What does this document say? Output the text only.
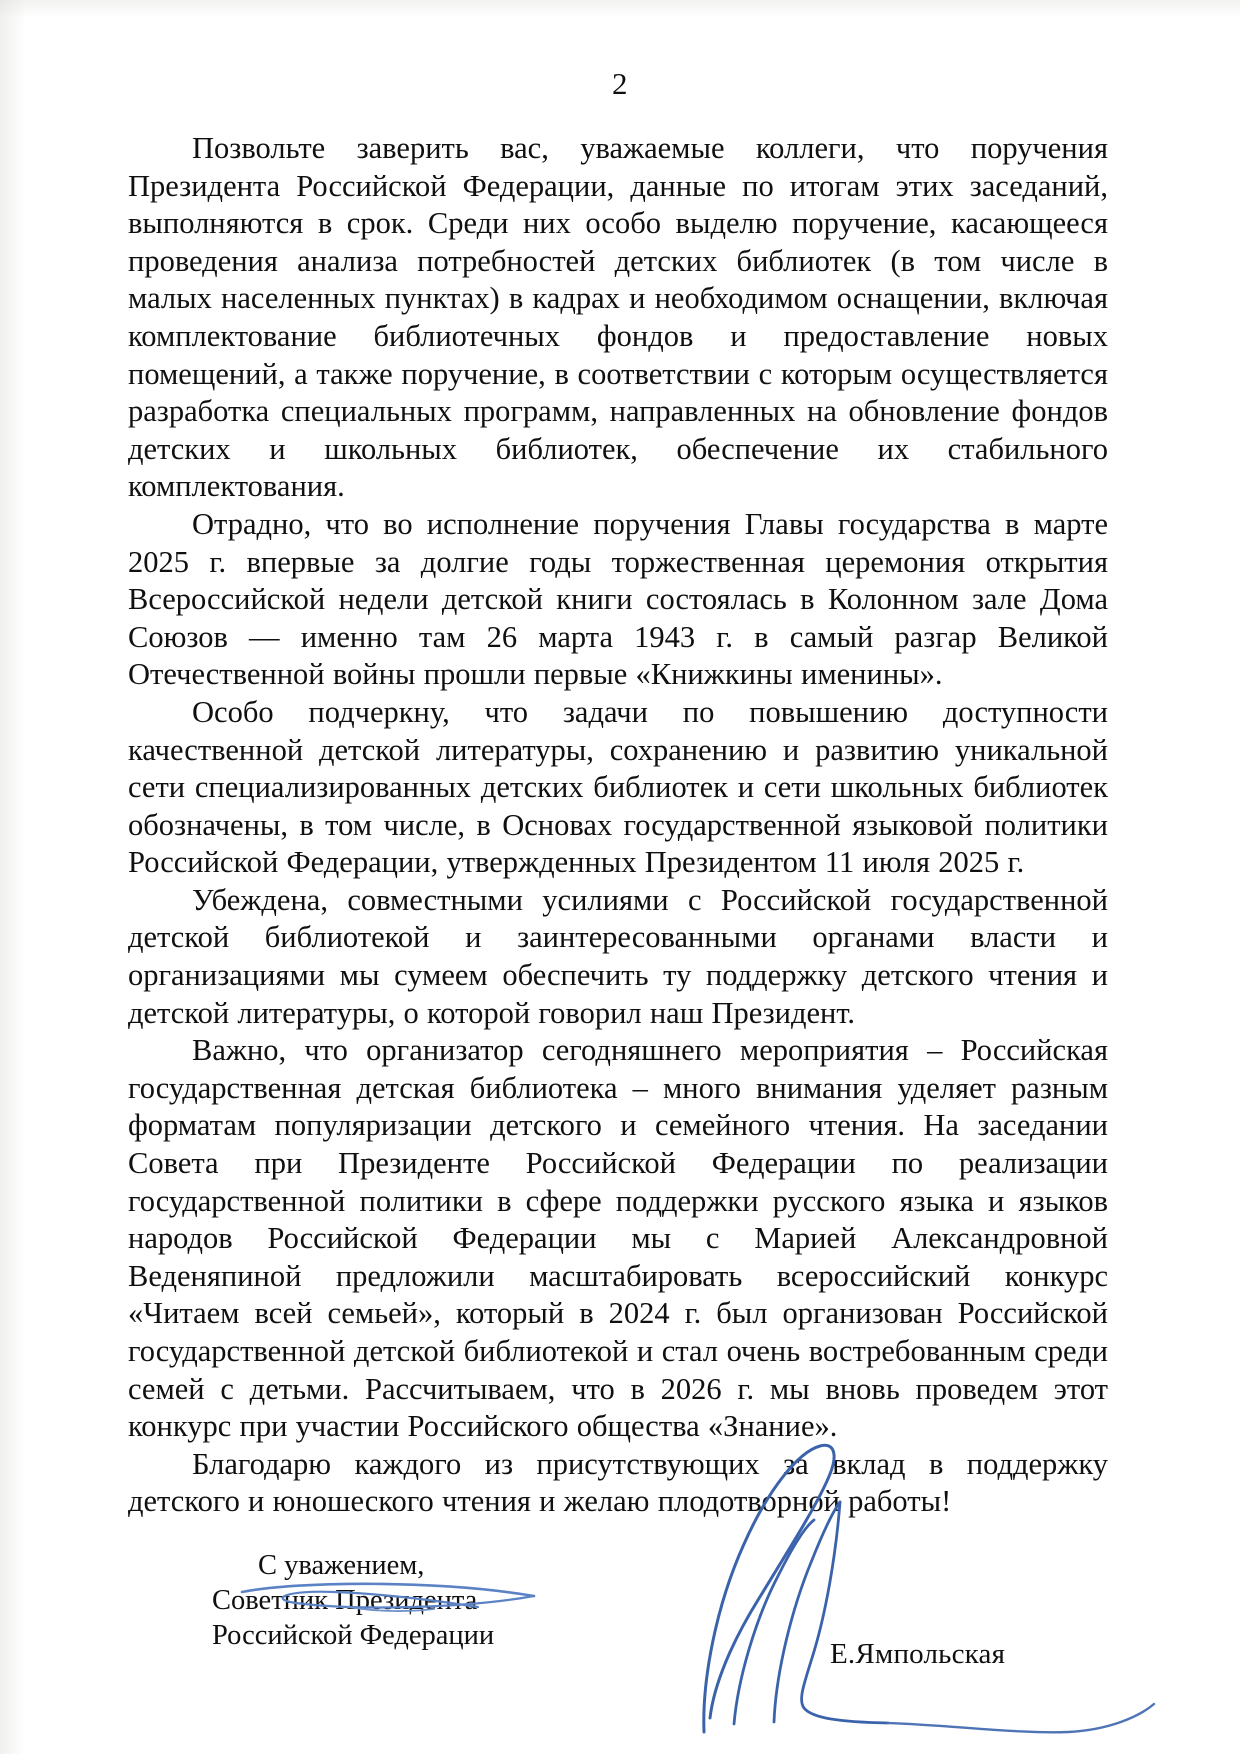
2

Позвольте заверить вас, уважаемые коллеги, что поручения Президента Российской Федерации, данные по итогам этих заседаний, выполняются в срок. Среди них особо выделю поручение, касающееся проведения анализа потребностей детских библиотек (в том числе в малых населенных пунктах) в кадрах и необходимом оснащении, включая комплектование библиотечных фондов и предоставление новых помещений, а также поручение, в соответствии с которым осуществляется разработка специальных программ, направленных на обновление фондов детских и школьных библиотек, обеспечение их стабильного комплектования.

Отрадно, что во исполнение поручения Главы государства в марте 2025 г. впервые за долгие годы торжественная церемония открытия Всероссийской недели детской книги состоялась в Колонном зале Дома Союзов — именно там 26 марта 1943 г. в самый разгар Великой Отечественной войны прошли первые «Книжкины именины».

Особо подчеркну, что задачи по повышению доступности качественной детской литературы, сохранению и развитию уникальной сети специализированных детских библиотек и сети школьных библиотек обозначены, в том числе, в Основах государственной языковой политики Российской Федерации, утвержденных Президентом 11 июля 2025 г.

Убеждена, совместными усилиями с Российской государственной детской библиотекой и заинтересованными органами власти и организациями мы сумеем обеспечить ту поддержку детского чтения и детской литературы, о которой говорил наш Президент.

Важно, что организатор сегодняшнего мероприятия – Российская государственная детская библиотека – много внимания уделяет разным форматам популяризации детского и семейного чтения. На заседании Совета при Президенте Российской Федерации по реализации государственной политики в сфере поддержки русского языка и языков народов Российской Федерации мы с Марией Александровной Веденяпиной предложили масштабировать всероссийский конкурс «Читаем всей семьей», который в 2024 г. был организован Российской государственной детской библиотекой и стал очень востребованным среди семей с детьми. Рассчитываем, что в 2026 г. мы вновь проведем этот конкурс при участии Российского общества «Знание».

Благодарю каждого из присутствующих за вклад в поддержку детского и юношеского чтения и желаю плодотворной работы!

С уважением,
Советник Президента
Российской Федерации
Е.Ямпольская
